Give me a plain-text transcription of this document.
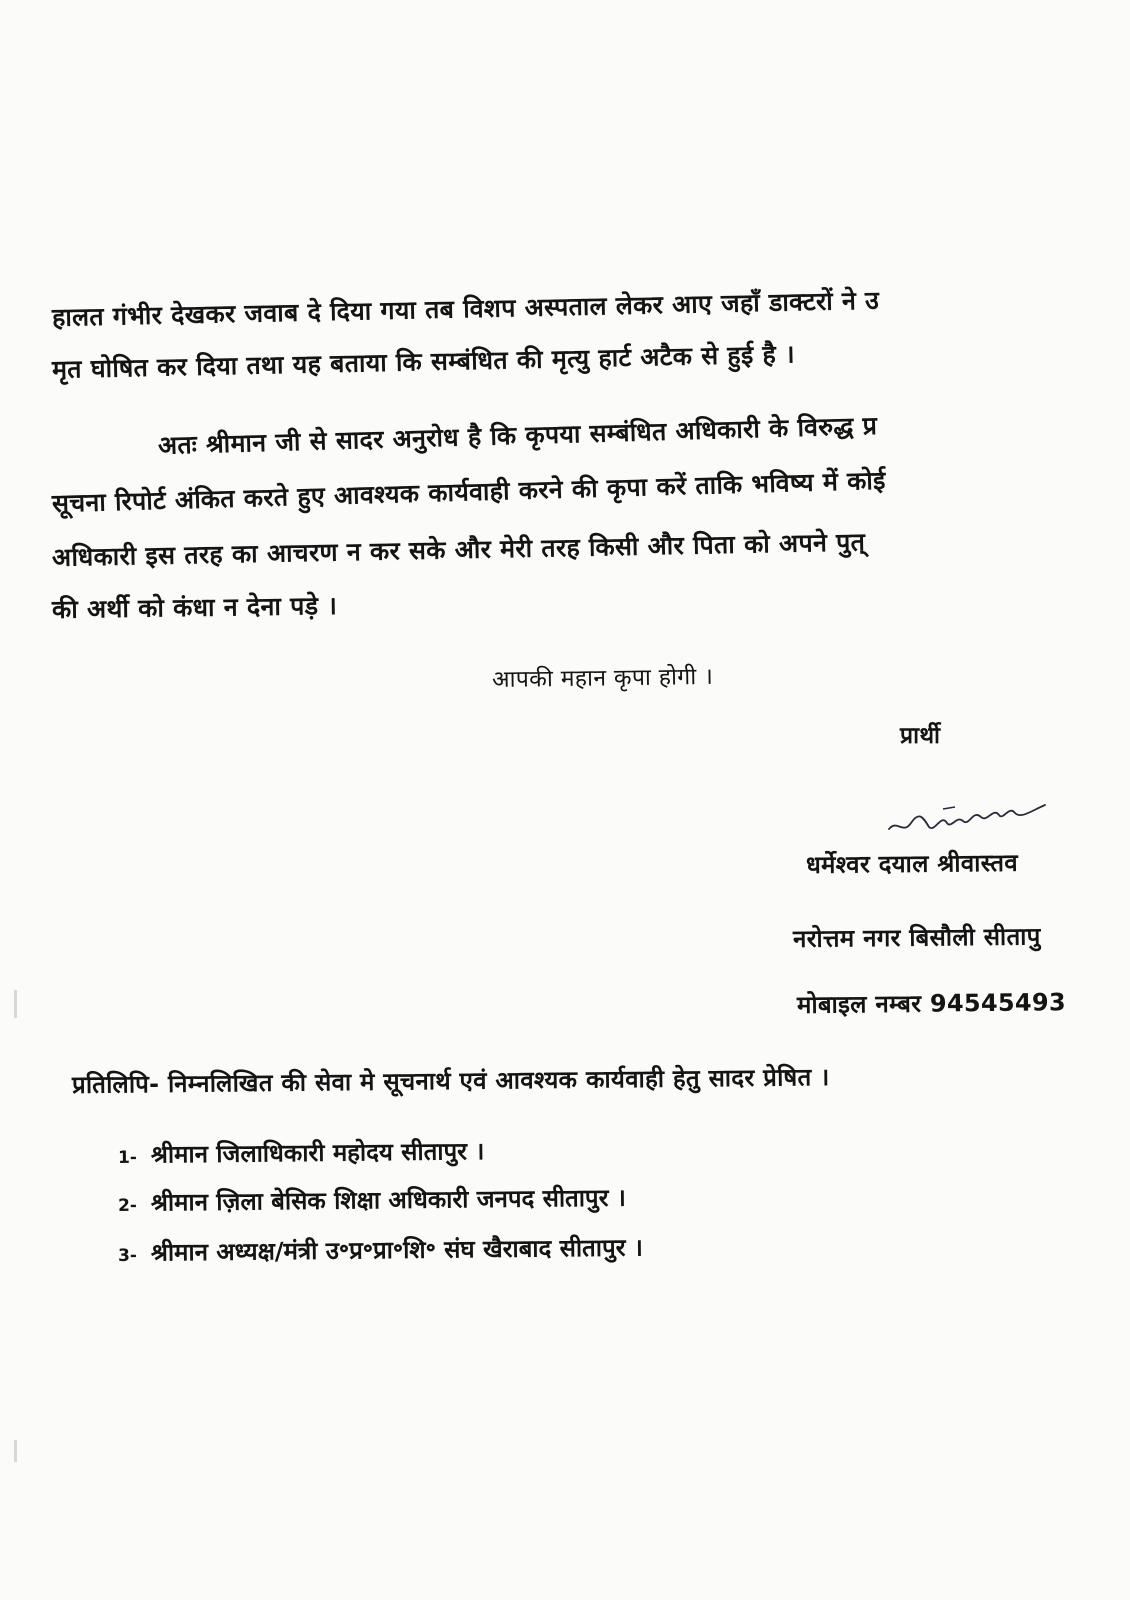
हालत गंभीर देखकर जवाब दे दिया गया तब विशप अस्पताल लेकर आए जहाँ डाक्टरों ने उ
मृत घोषित कर दिया तथा यह बताया कि सम्बंधित की मृत्यु हार्ट अटैक से हुई है ।
अतः श्रीमान जी से सादर अनुरोध है कि कृपया सम्बंधित अधिकारी के विरुद्ध प्र
सूचना रिपोर्ट अंकित करते हुए आवश्यक कार्यवाही करने की कृपा करें ताकि भविष्य में कोई
अधिकारी इस तरह का आचरण न कर सके और मेरी तरह किसी और पिता को अपने पुत्
की अर्थी को कंधा न देना पड़े ।
आपकी महान कृपा होगी ।
प्रार्थी
धर्मेश्वर दयाल श्रीवास्तव
नरोत्तम नगर बिसौली सीतापु
मोबाइल नम्बर 94545493
प्रतिलिपि- निम्नलिखित की सेवा मे सूचनार्थ एवं आवश्यक कार्यवाही हेतु सादर प्रेषित ।
1- श्रीमान जिलाधिकारी महोदय सीतापुर ।
2- श्रीमान ज़िला बेसिक शिक्षा अधिकारी जनपद सीतापुर ।
3- श्रीमान अध्यक्ष/मंत्री उ॰प्र॰प्रा॰शि॰ संघ खैराबाद सीतापुर ।
